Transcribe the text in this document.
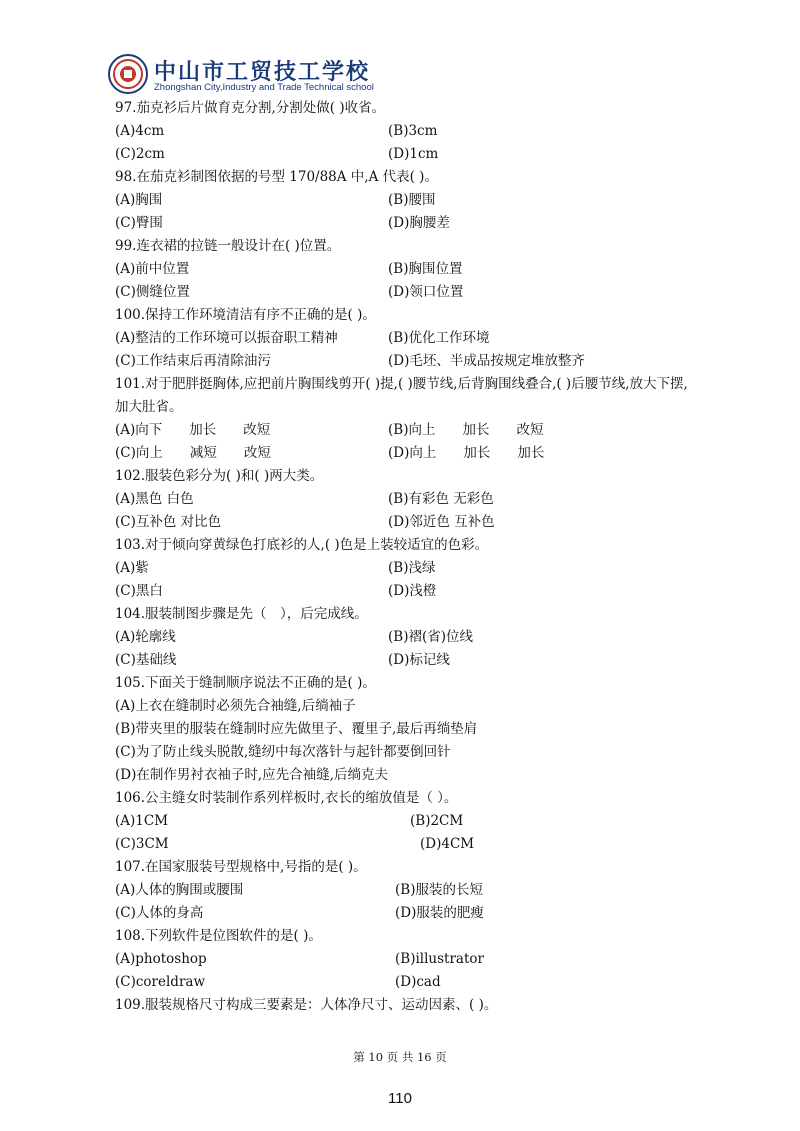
中山市工贸技工学校
Zhongshan City,Industry and Trade Technical school
97.茄克衫后片做育克分割,分割处做( )收省。
(A)4cm	(B)3cm
(C)2cm	(D)1cm
98.在茄克衫制图依据的号型 170/88A 中,A 代表( )。
(A)胸围	(B)腰围
(C)臀围	(D)胸腰差
99.连衣裙的拉链一般设计在( )位置。
(A)前中位置	(B)胸围位置
(C)侧缝位置	(D)领口位置
100.保持工作环境清洁有序不正确的是( )。
(A)整洁的工作环境可以振奋职工精神	(B)优化工作环境
(C)工作结束后再清除油污	(D)毛坯、半成品按规定堆放整齐
101.对于肥胖挺胸体,应把前片胸围线剪开( )提,( )腰节线,后背胸围线叠合,( )后腰节线,放大下摆,加大肚省。
(A)向下　　加长　　改短	(B)向上　　加长　　改短
(C)向上　　减短　　改短	(D)向上　　加长　　加长
102.服装色彩分为( )和( )两大类。
(A)黑色 白色	(B)有彩色 无彩色
(C)互补色 对比色	(D)邻近色 互补色
103.对于倾向穿黄绿色打底衫的人,( )色是上装较适宜的色彩。
(A)紫	(B)浅绿
(C)黑白	(D)浅橙
104.服装制图步骤是先（　），后完成线。
(A)轮廓线	(B)褶(省)位线
(C)基础线	(D)标记线
105.下面关于缝制顺序说法不正确的是( )。
(A)上衣在缝制时必须先合袖缝,后绱袖子
(B)带夹里的服装在缝制时应先做里子、覆里子,最后再绱垫肩
(C)为了防止线头脱散,缝纫中每次落针与起针都要倒回针
(D)在制作男衬衣袖子时,应先合袖缝,后绱克夫
106.公主缝女时装制作系列样板时,衣长的缩放值是（ ）。
(A)1CM	(B)2CM
(C)3CM	(D)4CM
107.在国家服装号型规格中,号指的是( )。
(A)人体的胸围或腰围	(B)服装的长短
(C)人体的身高	(D)服装的肥瘦
108.下列软件是位图软件的是( )。
(A)photoshop	(B)illustrator
(C)coreldraw	(D)cad
109.服装规格尺寸构成三要素是：人体净尺寸、运动因素、( )。
第 10 页 共 16 页
110
